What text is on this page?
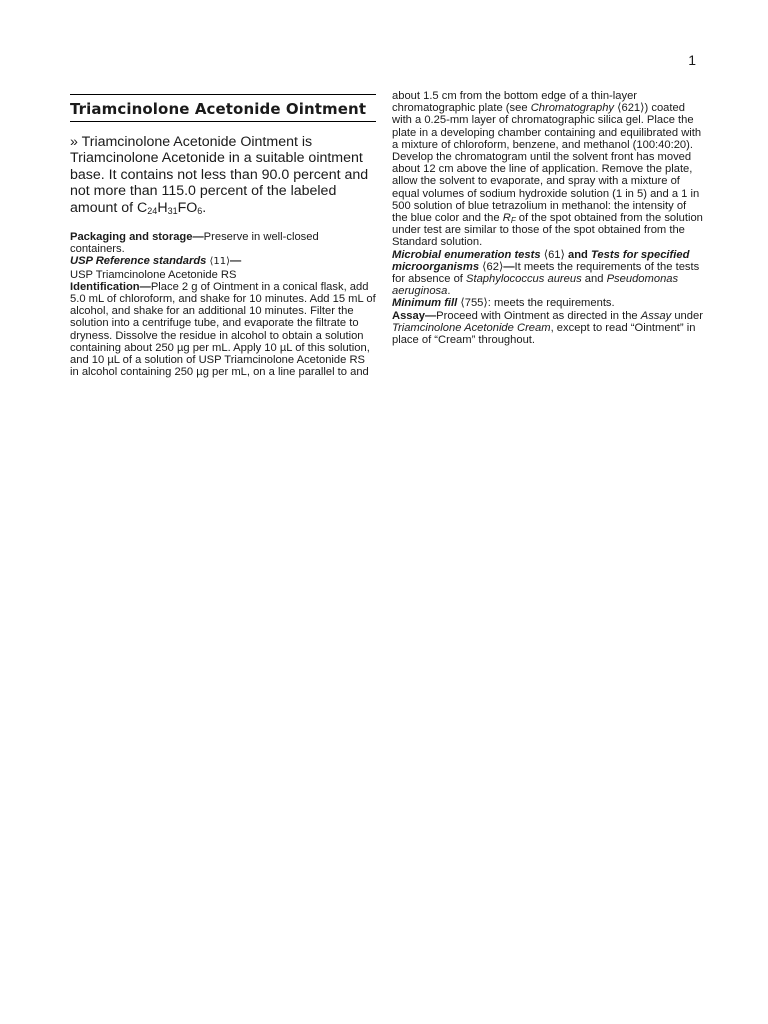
1
Triamcinolone Acetonide Ointment

» Triamcinolone Acetonide Ointment is Triamcinolone Acetonide in a suitable ointment base. It contains not less than 90.0 percent and not more than 115.0 percent of the labeled amount of $C_{24}H_{31}FO_6$.

Packaging and storage—Preserve in well-closed containers.

USP Reference standards ⟨11⟩—

USP Triamcinolone Acetonide RS

Identification—Place 2 g of Ointment in a conical flask, add 5.0 mL of chloroform, and shake for 10 minutes. Add 15 mL of alcohol, and shake for an additional 10 minutes. Filter the solution into a centrifuge tube, and evaporate the filtrate to dryness. Dissolve the residue in alcohol to obtain a solution containing about 250 µg per mL. Apply 10 µL of this solution, and 10 µL of a solution of USP Triamcinolone Acetonide RS in alcohol containing 250 µg per mL, on a line parallel to and

about 1.5 cm from the bottom edge of a thin-layer chromatographic plate (see Chromatography ⟨621⟩) coated with a 0.25-mm layer of chromatographic silica gel. Place the plate in a developing chamber containing and equilibrated with a mixture of chloroform, benzene, and methanol (100:40:20). Develop the chromatogram until the solvent front has moved about 12 cm above the line of application. Remove the plate, allow the solvent to evaporate, and spray with a mixture of equal volumes of sodium hydroxide solution (1 in 5) and a 1 in 500 solution of blue tetrazolium in methanol: the intensity of the blue color and the $R_F$ of the spot obtained from the solution under test are similar to those of the spot obtained from the Standard solution.

Microbial enumeration tests ⟨61⟩ and Tests for specified microorganisms ⟨62⟩—It meets the requirements of the tests for absence of Staphylococcus aureus and Pseudomonas aeruginosa.

Minimum fill ⟨755⟩: meets the requirements.

Assay—Proceed with Ointment as directed in the Assay under Triamcinolone Acetonide Cream, except to read “Ointment” in place of “Cream” throughout.
